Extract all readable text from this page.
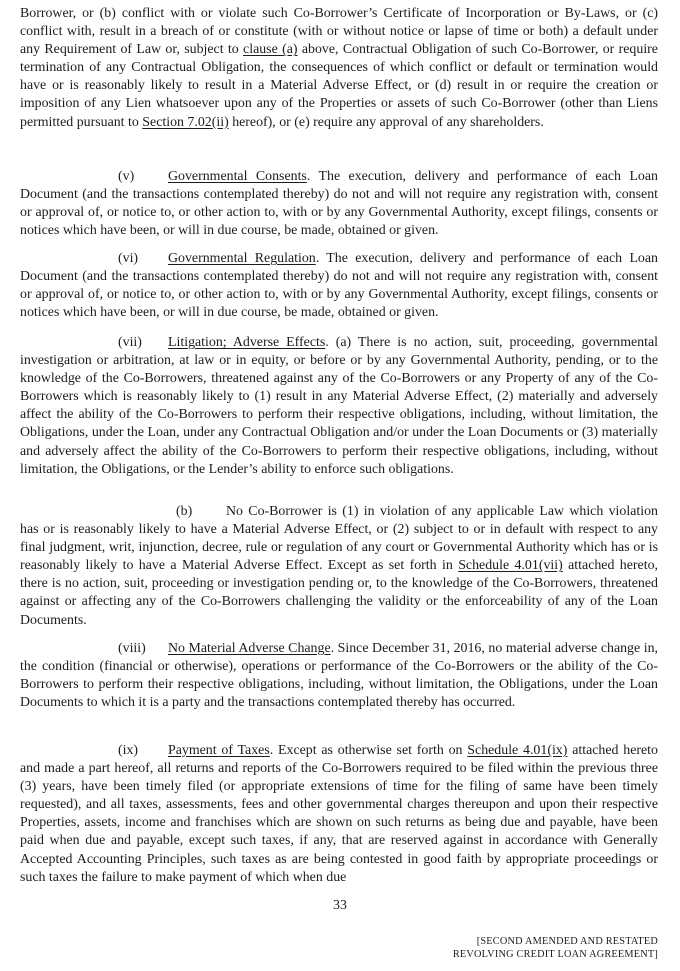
Borrower, or (b) conflict with or violate such Co-Borrower’s Certificate of Incorporation or By-Laws, or (c) conflict with, result in a breach of or constitute (with or without notice or lapse of time or both) a default under any Requirement of Law or, subject to clause (a) above, Contractual Obligation of such Co-Borrower, or require termination of any Contractual Obligation, the consequences of which conflict or default or termination would have or is reasonably likely to result in a Material Adverse Effect, or (d) result in or require the creation or imposition of any Lien whatsoever upon any of the Properties or assets of such Co-Borrower (other than Liens permitted pursuant to Section 7.02(ii) hereof), or (e) require any approval of any shareholders.

(v) Governmental Consents. The execution, delivery and performance of each Loan Document (and the transactions contemplated thereby) do not and will not require any registration with, consent or approval of, or notice to, or other action to, with or by any Governmental Authority, except filings, consents or notices which have been, or will in due course, be made, obtained or given.

(vi) Governmental Regulation. The execution, delivery and performance of each Loan Document (and the transactions contemplated thereby) do not and will not require any registration with, consent or approval of, or notice to, or other action to, with or by any Governmental Authority, except filings, consents or notices which have been, or will in due course, be made, obtained or given.

(vii) Litigation; Adverse Effects. (a) There is no action, suit, proceeding, governmental investigation or arbitration, at law or in equity, or before or by any Governmental Authority, pending, or to the knowledge of the Co-Borrowers, threatened against any of the Co-Borrowers or any Property of any of the Co-Borrowers which is reasonably likely to (1) result in any Material Adverse Effect, (2) materially and adversely affect the ability of the Co-Borrowers to perform their respective obligations, including, without limitation, the Obligations, under the Loan, under any Contractual Obligation and/or under the Loan Documents or (3) materially and adversely affect the ability of the Co-Borrowers to perform their respective obligations, including, without limitation, the Obligations, or the Lender’s ability to enforce such obligations.

(b) No Co-Borrower is (1) in violation of any applicable Law which violation has or is reasonably likely to have a Material Adverse Effect, or (2) subject to or in default with respect to any final judgment, writ, injunction, decree, rule or regulation of any court or Governmental Authority which has or is reasonably likely to have a Material Adverse Effect. Except as set forth in Schedule 4.01(vii) attached hereto, there is no action, suit, proceeding or investigation pending or, to the knowledge of the Co-Borrowers, threatened against or affecting any of the Co-Borrowers challenging the validity or the enforceability of any of the Loan Documents.

(viii) No Material Adverse Change. Since December 31, 2016, no material adverse change in, the condition (financial or otherwise), operations or performance of the Co-Borrowers or the ability of the Co-Borrowers to perform their respective obligations, including, without limitation, the Obligations, under the Loan Documents to which it is a party and the transactions contemplated thereby has occurred.

(ix) Payment of Taxes. Except as otherwise set forth on Schedule 4.01(ix) attached hereto and made a part hereof, all returns and reports of the Co-Borrowers required to be filed within the previous three (3) years, have been timely filed (or appropriate extensions of time for the filing of same have been timely requested), and all taxes, assessments, fees and other governmental charges thereupon and upon their respective Properties, assets, income and franchises which are shown on such returns as being due and payable, have been paid when due and payable, except such taxes, if any, that are reserved against in accordance with Generally Accepted Accounting Principles, such taxes as are being contested in good faith by appropriate proceedings or such taxes the failure to make payment of which when due

33
[SECOND AMENDED AND RESTATED
REVOLVING CREDIT LOAN AGREEMENT]
